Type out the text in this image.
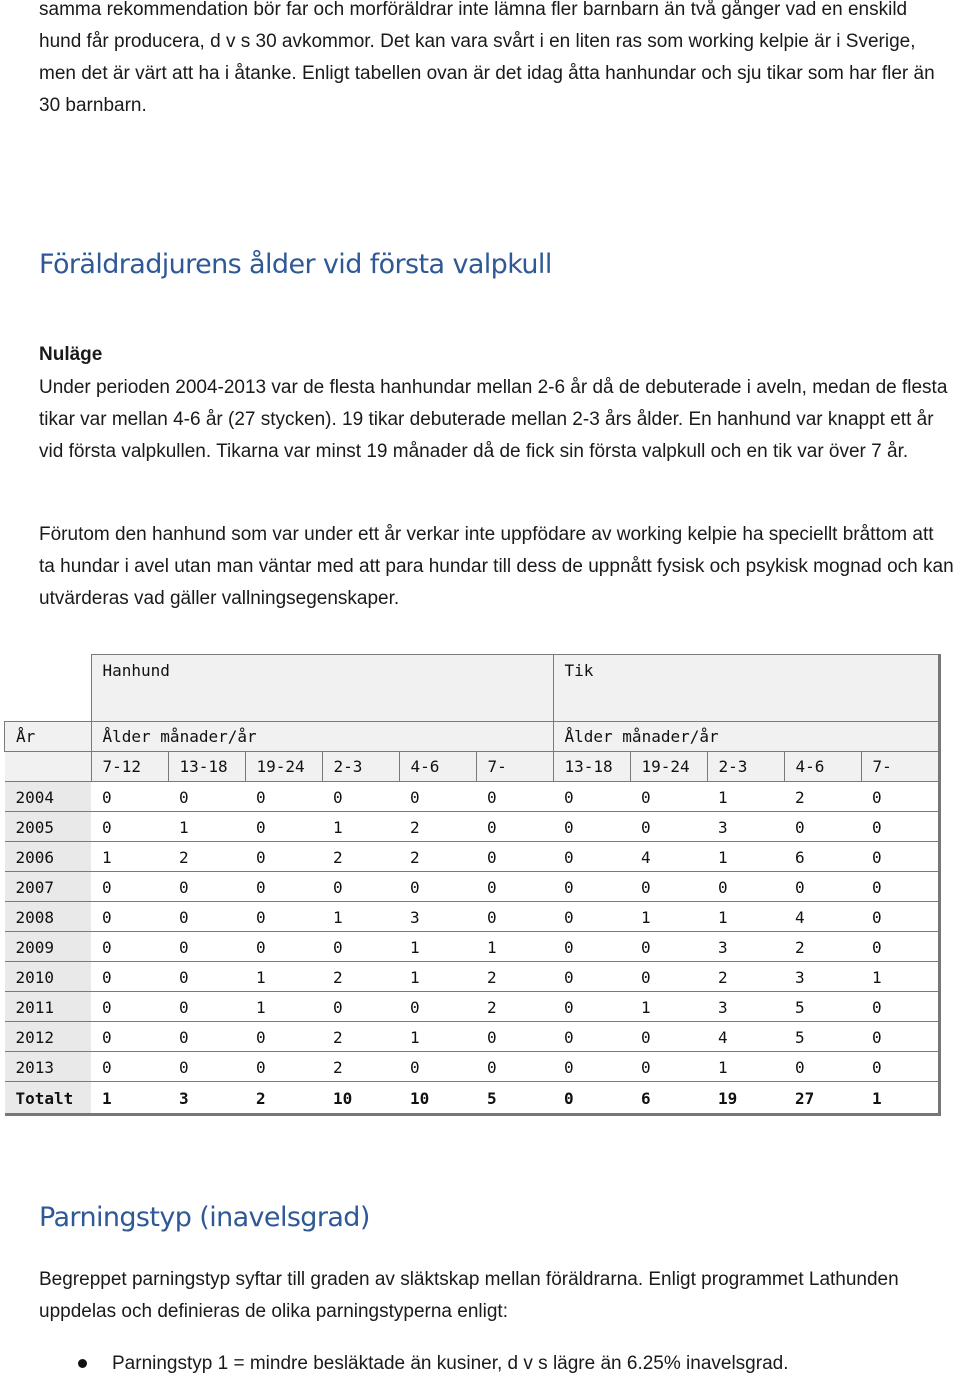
samma rekommendation bör far och morföräldrar inte lämna fler barnbarn än två gånger vad en enskild hund får producera, d v s 30 avkommor. Det kan vara svårt i en liten ras som working kelpie är i Sverige, men det är värt att ha i åtanke. Enligt tabellen ovan är det idag åtta hanhundar och sju tikar som har fler än 30 barnbarn.

Föräldradjurens ålder vid första valpkull

Nuläge

Under perioden 2004-2013 var de flesta hanhundar mellan 2-6 år då de debuterade i aveln, medan de flesta tikar var mellan 4-6 år (27 stycken). 19 tikar debuterade mellan 2-3 års ålder. En hanhund var knappt ett år vid första valpkullen. Tikarna var minst 19 månader då de fick sin första valpkull och en tik var över 7 år.

Förutom den hanhund som var under ett år verkar inte uppfödare av working kelpie ha speciellt bråttom att ta hundar i avel utan man väntar med att para hundar till dess de uppnått fysisk och psykisk mognad och kan utvärderas vad gäller vallningsegenskaper.

	Hanhund						Tik				
År	Ålder månader/år						Ålder månader/år				
	7-12	13-18	19-24	2-3	4-6	7-	13-18	19-24	2-3	4-6	7-
2004	0	0	0	0	0	0	0	0	1	2	0
2005	0	1	0	1	2	0	0	0	3	0	0
2006	1	2	0	2	2	0	0	4	1	6	0
2007	0	0	0	0	0	0	0	0	0	0	0
2008	0	0	0	1	3	0	0	1	1	4	0
2009	0	0	0	0	1	1	0	0	3	2	0
2010	0	0	1	2	1	2	0	0	2	3	1
2011	0	0	1	0	0	2	0	1	3	5	0
2012	0	0	0	2	1	0	0	0	4	5	0
2013	0	0	0	2	0	0	0	0	1	0	0
Totalt	1	3	2	10	10	5	0	6	19	27	1
Parningstyp (inavelsgrad)

Begreppet parningstyp syftar till graden av släktskap mellan föräldrarna. Enligt programmet Lathunden uppdelas och definieras de olika parningstyperna enligt:

Parningstyp 1 = mindre besläktade än kusiner, d v s lägre än 6.25% inavelsgrad.
